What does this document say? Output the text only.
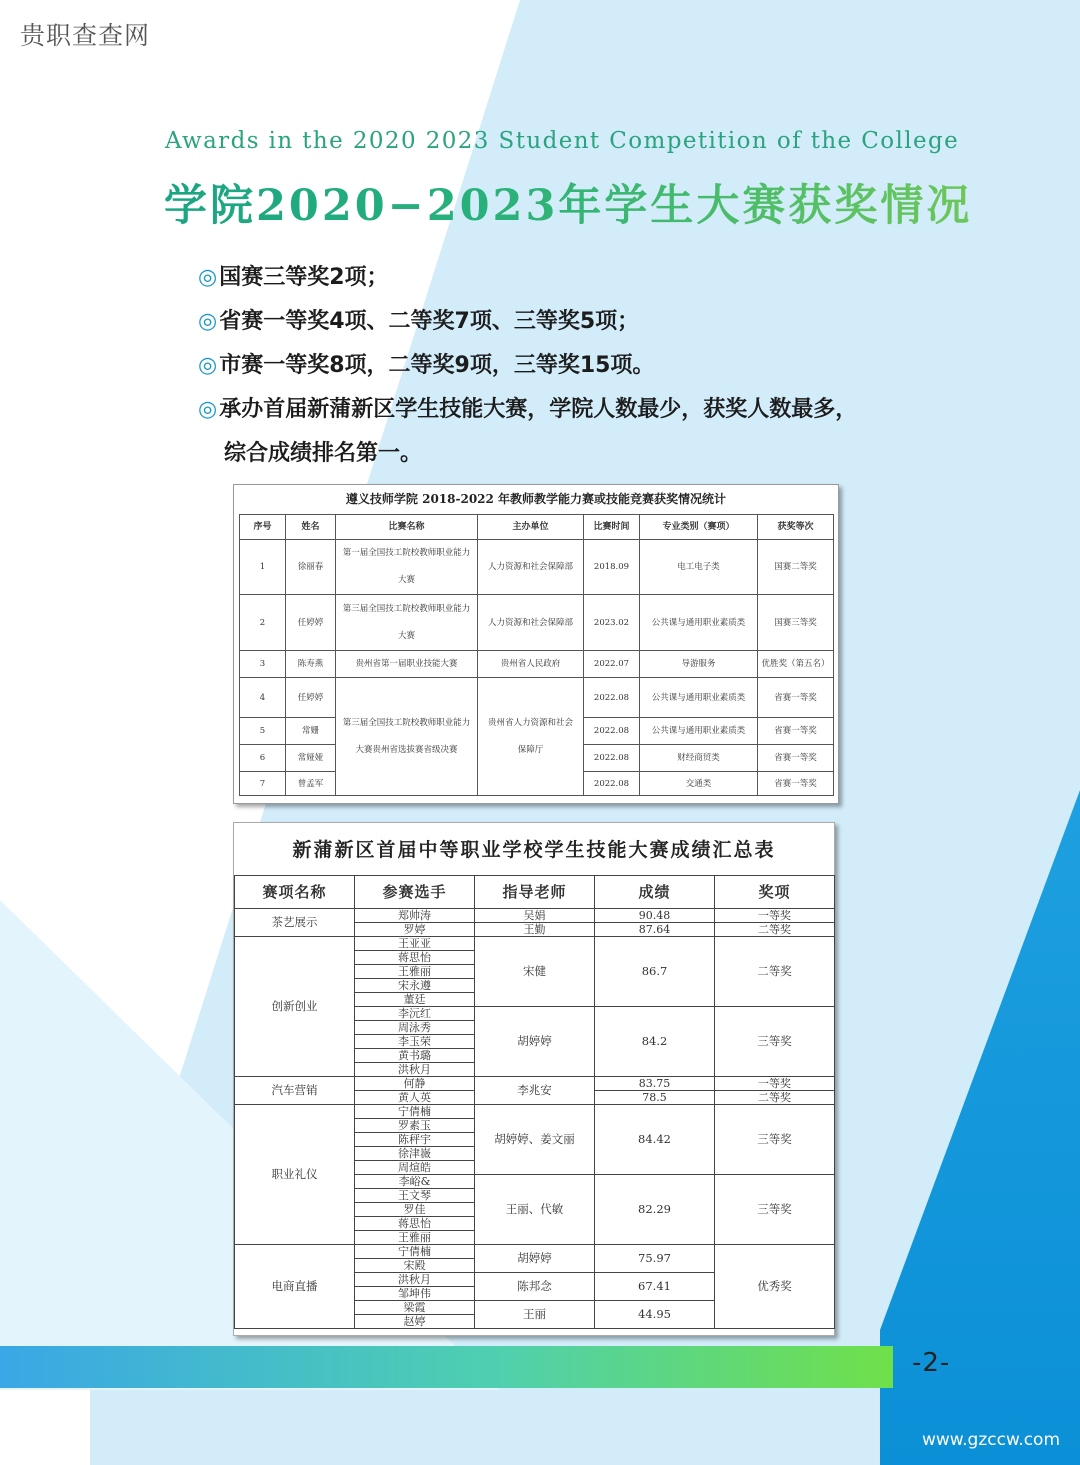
贵职查查网
Awards in the 2020 2023 Student Competition of the College
学院2020−2023年学生大赛获奖情况
◎国赛三等奖2项；
◎省赛一等奖4项、二等奖7项、三等奖5项；
◎市赛一等奖8项，二等奖9项，三等奖15项。
◎承办首届新蒲新区学生技能大赛，学院人数最少，获奖人数最多，
综合成绩排名第一。
遵义技师学院 2018-2022 年教师教学能力赛或技能竞赛获奖情况统计
序号	姓名	比赛名称	主办单位	比赛时间	专业类别（赛项）	获奖等次
1	徐丽春	第一届全国技工院校教师职业能力大赛	人力资源和社会保障部	2018.09	电工电子类	国赛二等奖
2	任婷婷	第三届全国技工院校教师职业能力大赛	人力资源和社会保障部	2023.02	公共课与通用职业素质类	国赛三等奖
3	陈寿燕	贵州省第一届职业技能大赛	贵州省人民政府	2022.07	导游服务	优胜奖（第五名）
4	任婷婷	第三届全国技工院校教师职业能力大赛贵州省选拔赛省级决赛	贵州省人力资源和社会保障厅	2022.08	公共课与通用职业素质类	省赛一等奖
5	常姗			2022.08	公共课与通用职业素质类	省赛一等奖
6	常娅娅			2022.08	财经商贸类	省赛一等奖
7	曾孟军			2022.08	交通类	省赛一等奖
新蒲新区首届中等职业学校学生技能大赛成绩汇总表
赛项名称	参赛选手	指导老师	成绩	奖项
茶艺展示	郑帅涛	吴娟	90.48	一等奖
	罗婷	王勤	87.64	二等奖
创新创业	王亚亚	宋健	86.7	二等奖
	蒋思怡			
	王雅丽			
	宋永遵			
	董廷			
	李沅红	胡婷婷	84.2	三等奖
	周泳秀			
	李玉荣			
	黄书璐			
	洪秋月			
汽车营销	何静	李兆安	83.75	一等奖
	黄人英		78.5	二等奖
职业礼仪	宁倩楠	胡婷婷、姜文丽	84.42	三等奖
	罗素玉			
	陈秤宇			
	徐津嶶			
	周煊皓			
	李峪&	王丽、代敏	82.29	三等奖
	王文琴			
	罗佳			
	蒋思怡			
	王雅丽			
电商直播	宁倩楠	胡婷婷	75.97	优秀奖
	宋殿			
	洪秋月	陈邦念	67.41	
	邹坤伟			
	梁霞	王丽	44.95	
	赵婷			
-2-
www.gzccw.com
